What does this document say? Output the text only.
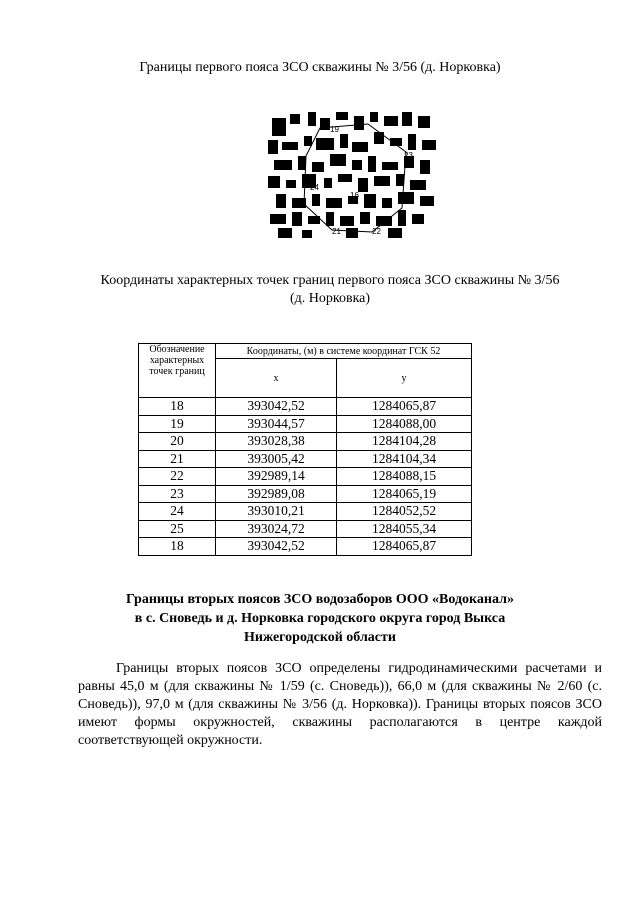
Границы первого пояса ЗСО скважины № 3/56 (д. Норковка)
19
23
16
24
21	22
Координаты характерных точек границ первого пояса ЗСО скважины № 3/56
(д. Норковка)
Обозначение характерных точек границ	Координаты, (м) в системе координат ГСК 52	
	x	y
18	393042,52	1284065,87
19	393044,57	1284088,00
20	393028,38	1284104,28
21	393005,42	1284104,34
22	392989,14	1284088,15
23	392989,08	1284065,19
24	393010,21	1284052,52
25	393024,72	1284055,34
18	393042,52	1284065,87
Границы вторых поясов ЗСО водозаборов ООО «Водоканал»
в с. Сноведь и д. Норковка городского округа город Выкса
Нижегородской области
Границы вторых поясов ЗСО определены гидродинамическими расчетами и равны 45,0 м (для скважины № 1/59 (с. Сноведь)), 66,0 м (для скважины № 2/60 (с. Сноведь)), 97,0 м (для скважины № 3/56 (д. Норковка)). Границы вторых поясов ЗСО имеют формы окружностей, скважины располагаются в центре каждой соответствующей окружности.
